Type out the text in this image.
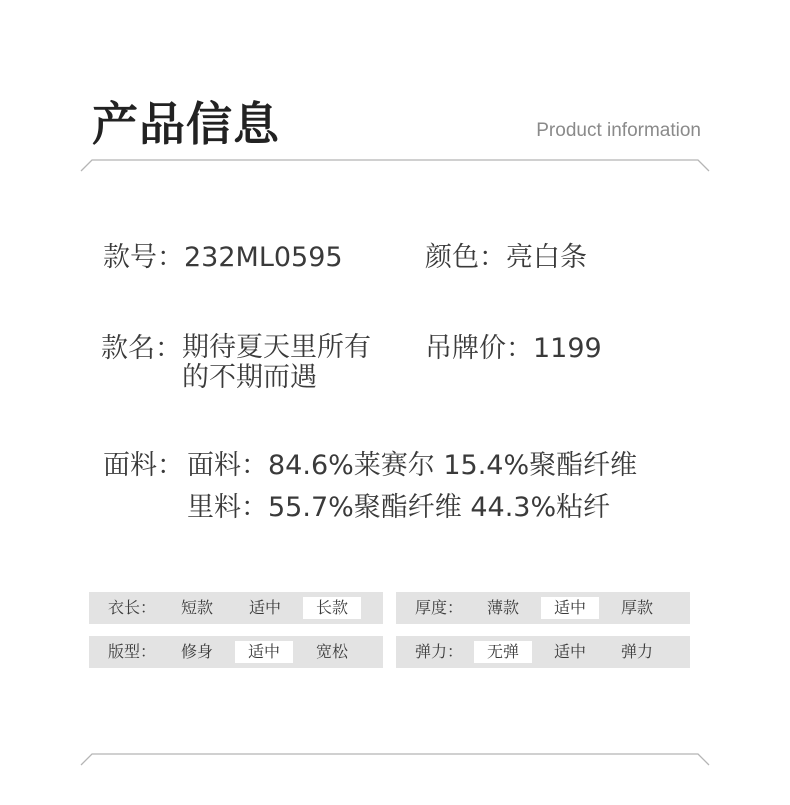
产品信息	Product information
款号：232ML0595	颜色：亮白条
款名：期待夏天里所有的不期而遇
吊牌价：1199
面料： 面料：84.6%莱赛尔 15.4%聚酯纤维
里料：55.7%聚酯纤维 44.3%粘纤
衣长：	短款	适中	长款	厚度：	薄款	适中	厚款
版型：	修身	适中	宽松	弹力：	无弹	适中	弹力
